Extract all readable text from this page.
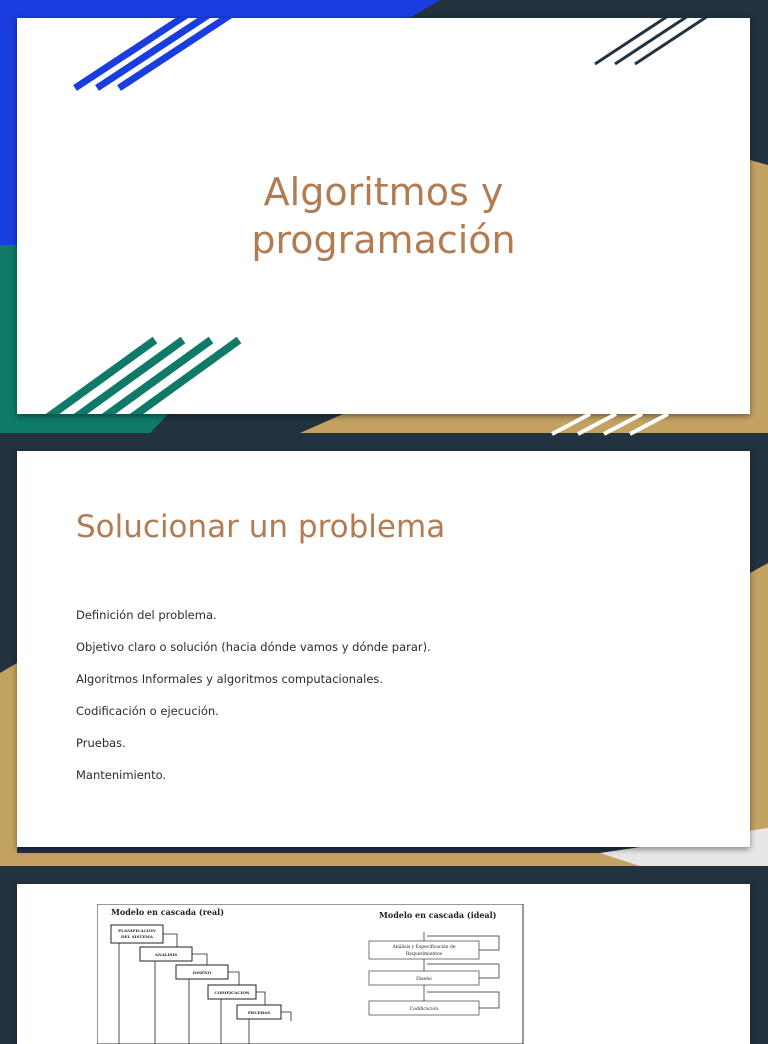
Algoritmos y
programación
Solucionar un problema
Definición del problema.
Objetivo claro o solución (hacia dónde vamos y dónde parar).
Algoritmos Informales y algoritmos computacionales.
Codificación o ejecución.
Pruebas.
Mantenimiento.
Modelo en cascada (real)
PLANIFICACION
DEL SISTEMA
ANALISIS
DISEÑO
CODIFICACION
PRUEBAS
Modelo en cascada (ideal)
Análisis y Especificación de
Requerimientos
Diseño
Codificación
